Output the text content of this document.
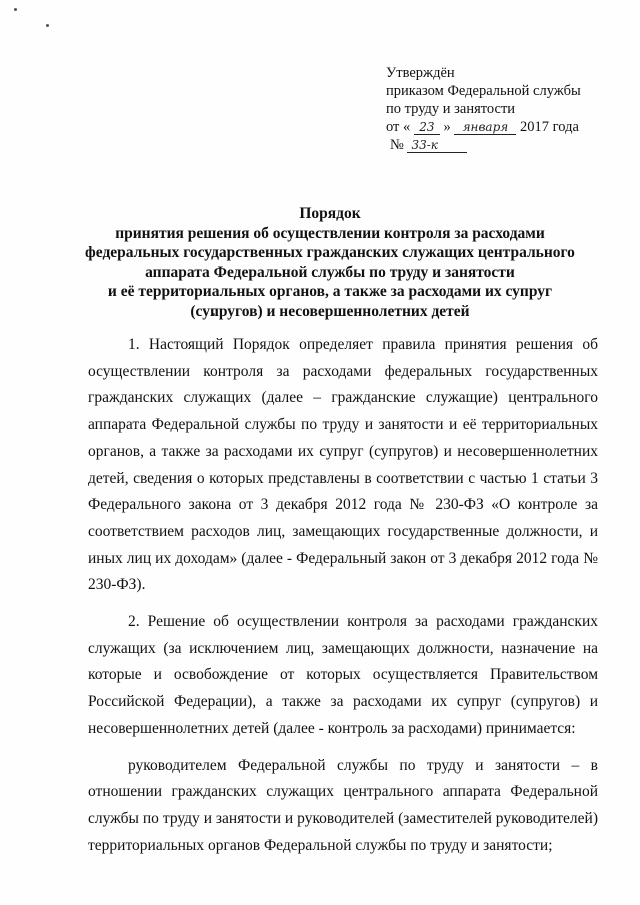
Утверждён
приказом Федеральной службы
по труду и занятости
от « 23 » января 2017 года
№ 33-к
Порядок
принятия решения об осуществлении контроля за расходами
федеральных государственных гражданских служащих центрального
аппарата Федеральной службы по труду и занятости
и её территориальных органов, а также за расходами их супруг
(супругов) и несовершеннолетних детей

1. Настоящий Порядок определяет правила принятия решения об осуществлении контроля за расходами федеральных государственных гражданских служащих (далее – гражданские служащие) центрального аппарата Федеральной службы по труду и занятости и её территориальных органов, а также за расходами их супруг (супругов) и несовершеннолетних детей, сведения о которых представлены в соответствии с частью 1 статьи 3 Федерального закона от 3 декабря 2012 года № 230-ФЗ «О контроле за соответствием расходов лиц, замещающих государственные должности, и иных лиц их доходам» (далее - Федеральный закон от 3 декабря 2012 года № 230-ФЗ).

2. Решение об осуществлении контроля за расходами гражданских служащих (за исключением лиц, замещающих должности, назначение на которые и освобождение от которых осуществляется Правительством Российской Федерации), а также за расходами их супруг (супругов) и несовершеннолетних детей (далее - контроль за расходами) принимается:

руководителем Федеральной службы по труду и занятости – в отношении гражданских служащих центрального аппарата Федеральной службы по труду и занятости и руководителей (заместителей руководителей) территориальных органов Федеральной службы по труду и занятости;
